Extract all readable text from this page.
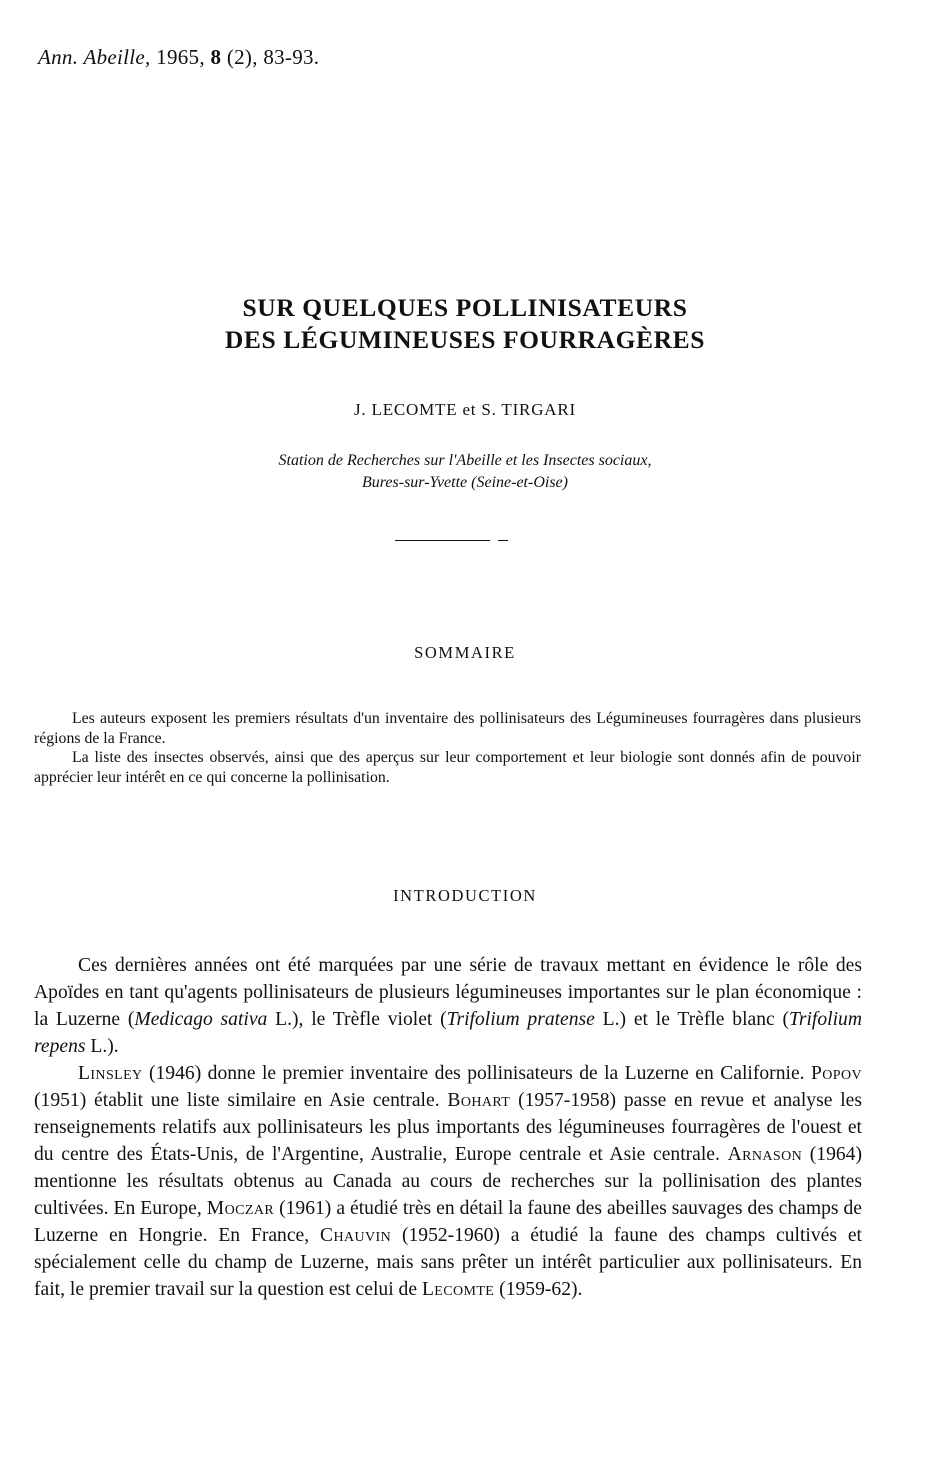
Ann. Abeille, 1965, 8 (2), 83-93.

SUR QUELQUES POLLINISATEURS

DES LÉGUMINEUSES FOURRAGÈRES

J. LECOMTE et S. TIRGARI
Station de Recherches sur l'Abeille et les Insectes sociaux,
Bures-sur-Yvette (Seine-et-Oise)
SOMMAIRE

Les auteurs exposent les premiers résultats d'un inventaire des pollinisateurs des Légumineuses fourragères dans plusieurs régions de la France.

La liste des insectes observés, ainsi que des aperçus sur leur comportement et leur biologie sont donnés afin de pouvoir apprécier leur intérêt en ce qui concerne la pollinisation.

INTRODUCTION

Ces dernières années ont été marquées par une série de travaux mettant en évidence le rôle des Apoïdes en tant qu'agents pollinisateurs de plusieurs légumineuses importantes sur le plan économique : la Luzerne (Medicago sativa L.), le Trèfle violet (Trifolium pratense L.) et le Trèfle blanc (Trifolium repens L.).

Linsley (1946) donne le premier inventaire des pollinisateurs de la Luzerne en Californie. Popov (1951) établit une liste similaire en Asie centrale. Bohart (1957-1958) passe en revue et analyse les renseignements relatifs aux pollinisateurs les plus importants des légumineuses fourragères de l'ouest et du centre des États-Unis, de l'Argentine, Australie, Europe centrale et Asie centrale. Arnason (1964) mentionne les résultats obtenus au Canada au cours de recherches sur la pollinisation des plantes cultivées. En Europe, Moczar (1961) a étudié très en détail la faune des abeilles sauvages des champs de Luzerne en Hongrie. En France, Chauvin (1952-1960) a étudié la faune des champs cultivés et spécialement celle du champ de Luzerne, mais sans prêter un intérêt particulier aux pollinisateurs. En fait, le premier travail sur la question est celui de Lecomte (1959-62).
